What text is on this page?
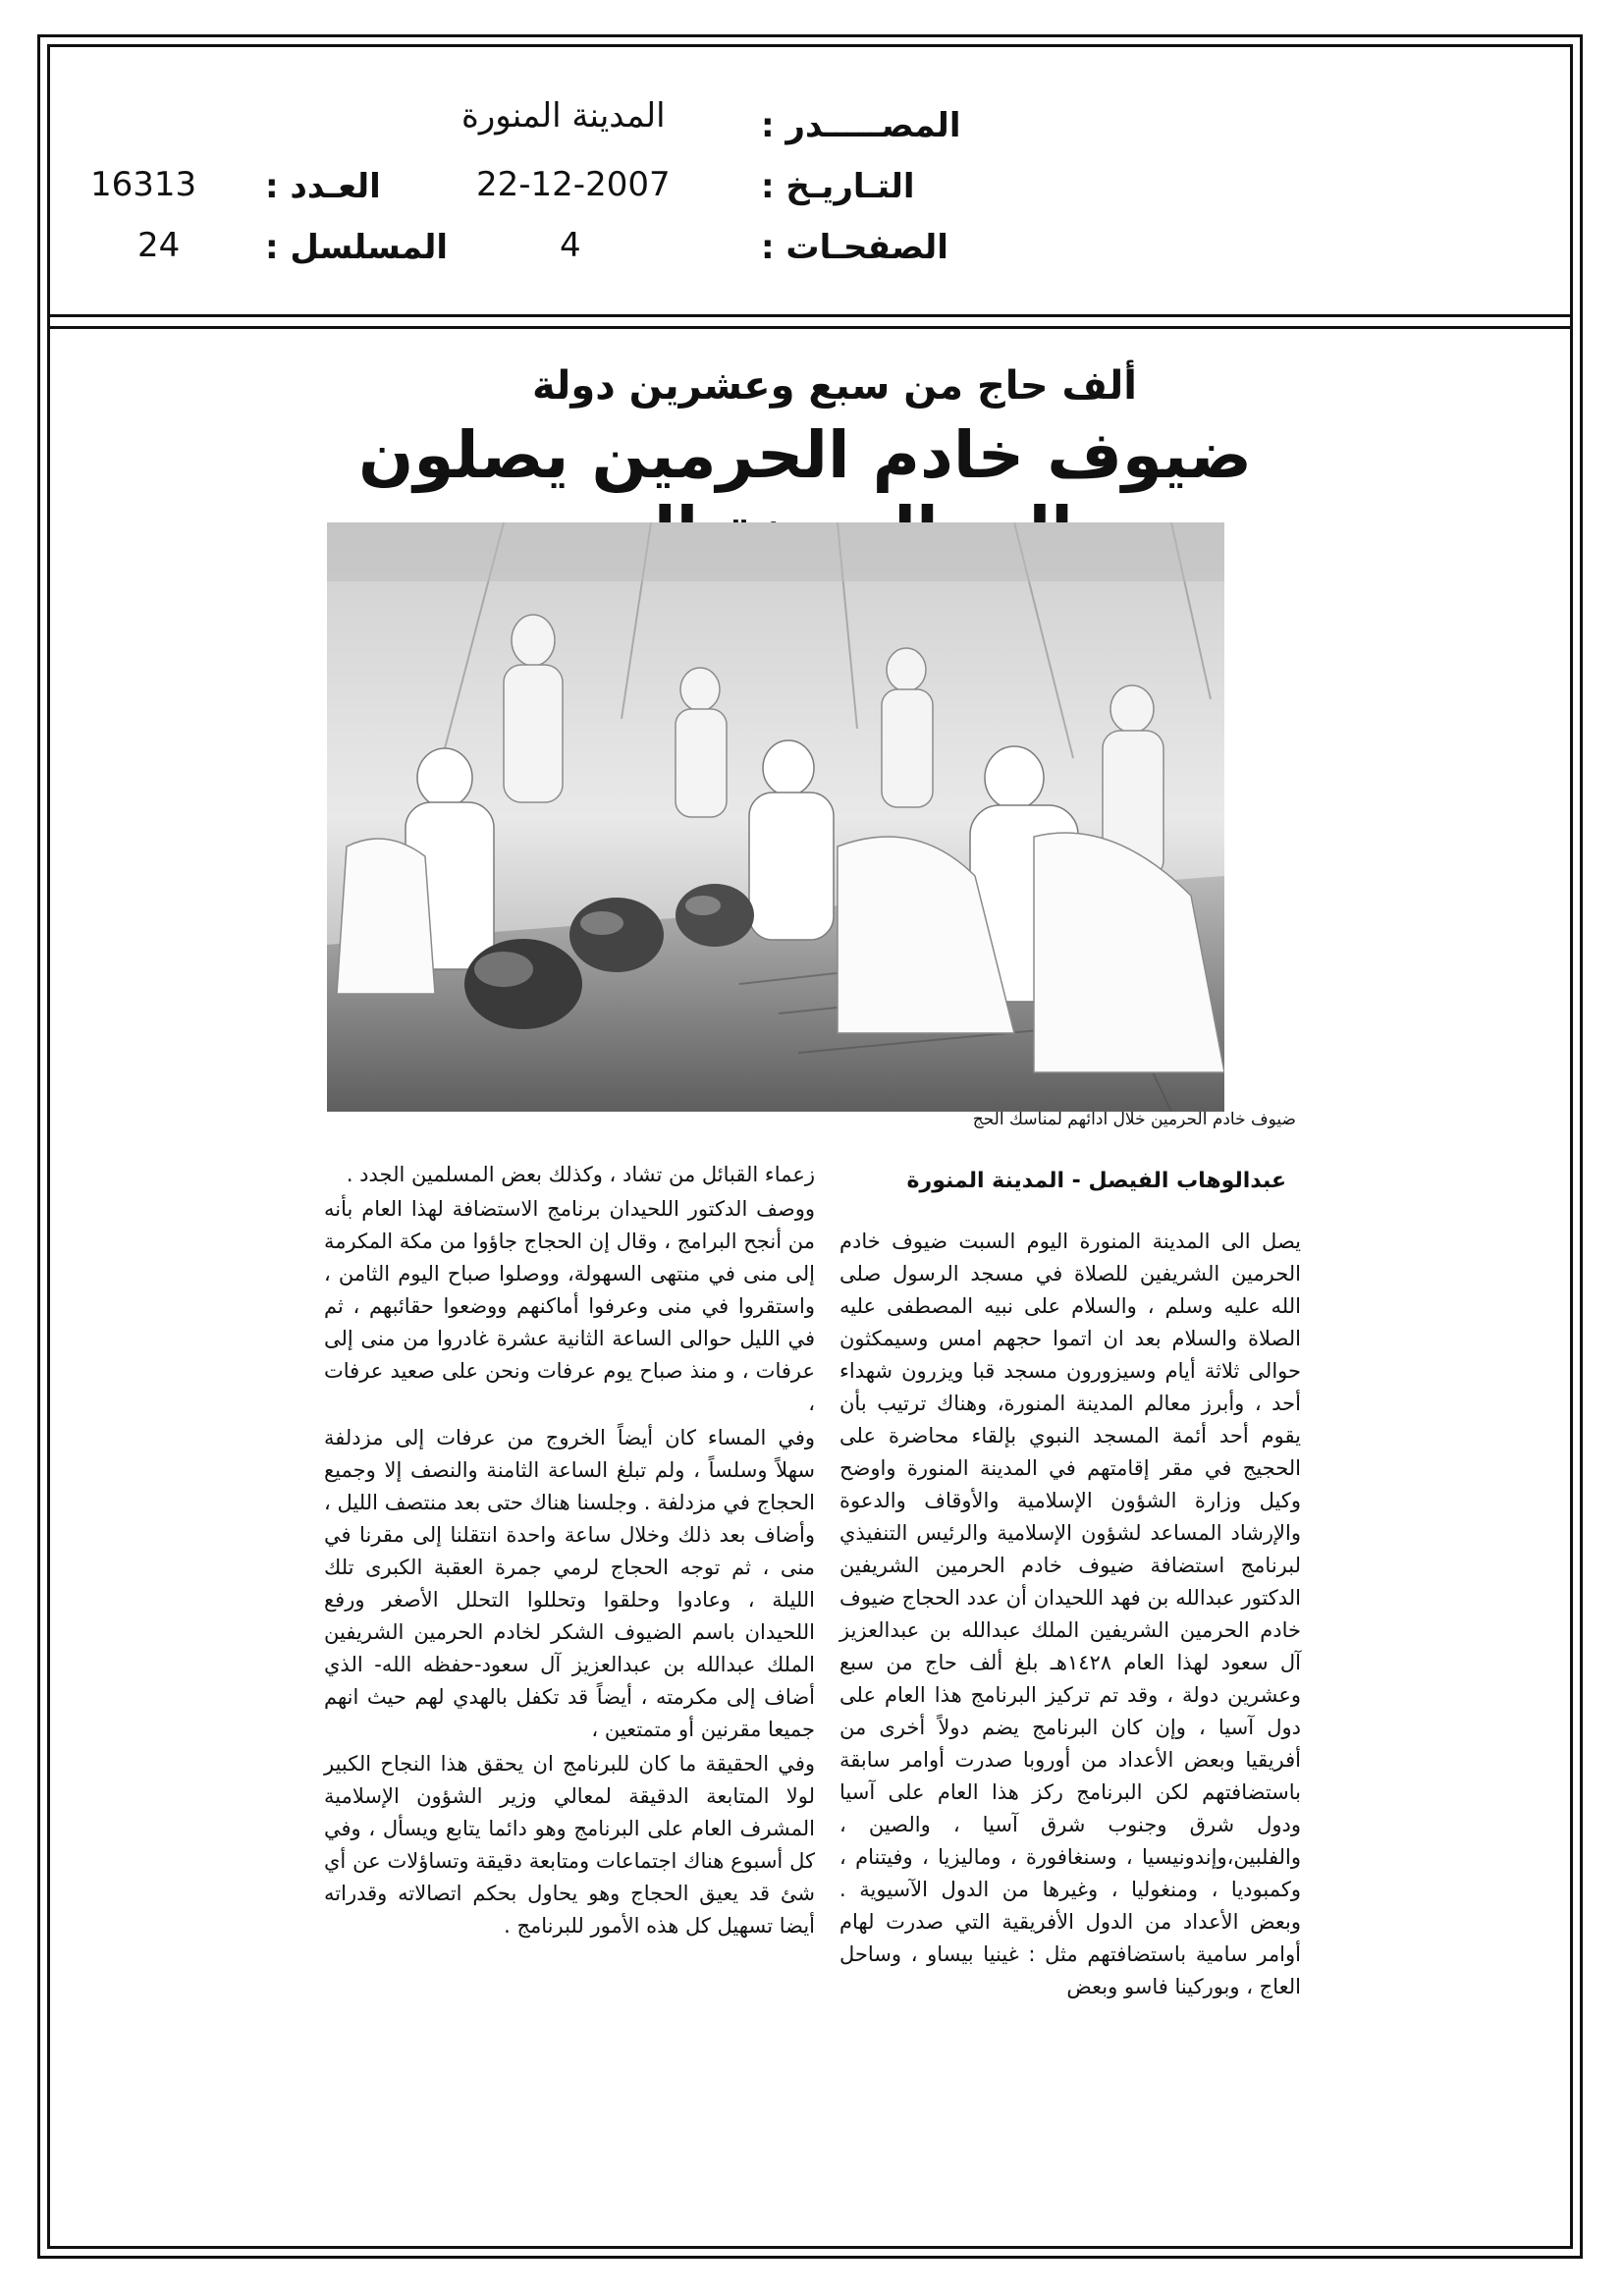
المصـــــدر :
المدينة المنورة
التـاريـخ :
22-12-2007
العـدد :
16313
الصفحـات :
4
المسلسل :
24
ألف حاج من سبع وعشرين دولة
ضيوف خادم الحرمين يصلون
ضيوف خادم الحرمين خلال ادائهم لمناسك الحج
عبدالوهاب الفيصل - المدينة المنورة

يصل الى المدينة المنورة اليوم السبت ضيوف خادم الحرمين الشريفين للصلاة في مسجد الرسول صلى الله عليه وسلم ، والسلام على نبيه المصطفى عليه الصلاة والسلام بعد ان اتموا حجهم امس وسيمكثون حوالى ثلاثة أيام وسيزورون مسجد قبا ويزرون شهداء أحد ، وأبرز معالم المدينة المنورة، وهناك ترتيب بأن يقوم أحد أئمة المسجد النبوي بإلقاء محاضرة على الحجيج في مقر إقامتهم في المدينة المنورة واوضح وكيل وزارة الشؤون الإسلامية والأوقاف والدعوة والإرشاد المساعد لشؤون الإسلامية والرئيس التنفيذي لبرنامج استضافة ضيوف خادم الحرمين الشريفين الدكتور عبدالله بن فهد اللحيدان أن عدد الحجاج ضيوف خادم الحرمين الشريفين الملك عبدالله بن عبدالعزيز آل سعود لهذا العام ١٤٢٨هـ بلغ ألف حاج من سبع وعشرين دولة ، وقد تم تركيز البرنامج هذا العام على دول آسيا ، وإن كان البرنامج يضم دولاً أخرى من أفريقيا وبعض الأعداد من أوروبا صدرت أوامر سابقة باستضافتهم لكن البرنامج ركز هذا العام على آسيا ودول شرق وجنوب شرق آسيا ، والصين ، والفلبين،وإندونيسيا ، وسنغافورة ، وماليزيا ، وفيتنام ، وكمبوديا ، ومنغوليا ، وغيرها من الدول الآسيوية . وبعض الأعداد من الدول الأفريقية التي صدرت لهام أوامر سامية باستضافتهم مثل : غينيا بيساو ، وساحل العاج ، وبوركينا فاسو وبعض

زعماء القبائل من تشاد ، وكذلك بعض المسلمين الجدد .

ووصف الدكتور اللحيدان برنامج الاستضافة لهذا العام بأنه من أنجح البرامج ، وقال إن الحجاج جاؤوا من مكة المكرمة إلى منى في منتهى السهولة، ووصلوا صباح اليوم الثامن ، واستقروا في منى وعرفوا أماكنهم ووضعوا حقائبهم ، ثم في الليل حوالى الساعة الثانية عشرة غادروا من منى إلى عرفات ، و منذ صباح يوم عرفات ونحن على صعيد عرفات ،

وفي المساء كان أيضاً الخروج من عرفات إلى مزدلفة سهلاً وسلساً ، ولم تبلغ الساعة الثامنة والنصف إلا وجميع الحجاج في مزدلفة . وجلسنا هناك حتى بعد منتصف الليل ، وأضاف بعد ذلك وخلال ساعة واحدة انتقلنا إلى مقرنا في منى ، ثم توجه الحجاج لرمي جمرة العقبة الكبرى تلك الليلة ، وعادوا وحلقوا وتحللوا التحلل الأصغر ورفع اللحيدان باسم الضيوف الشكر لخادم الحرمين الشريفين الملك عبدالله بن عبدالعزيز آل سعود-حفظه الله- الذي أضاف إلى مكرمته ، أيضاً قد تكفل بالهدي لهم حيث انهم جميعا مقرنين أو متمتعين ،

وفي الحقيقة ما كان للبرنامج ان يحقق هذا النجاح الكبير لولا المتابعة الدقيقة لمعالي وزير الشؤون الإسلامية المشرف العام على البرنامج وهو دائما يتابع ويسأل ، وفي كل أسبوع هناك اجتماعات ومتابعة دقيقة وتساؤلات عن أي شئ قد يعيق الحجاج وهو يحاول بحكم اتصالاته وقدراته أيضا تسهيل كل هذه الأمور للبرنامج .
